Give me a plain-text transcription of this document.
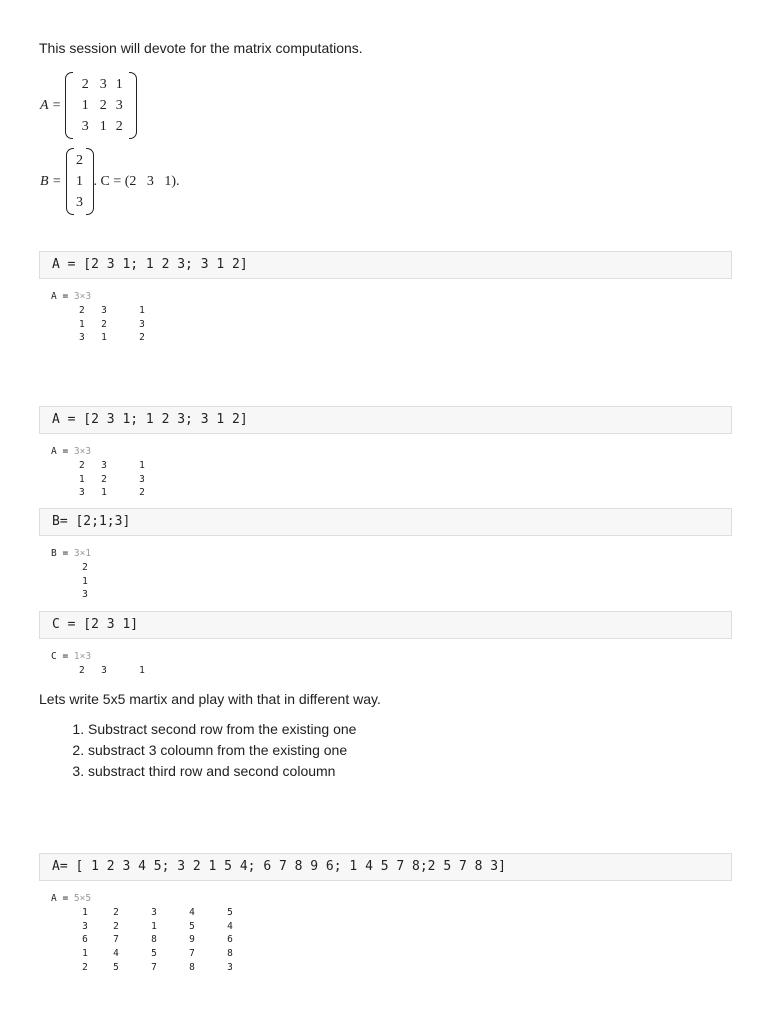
This session will devote for the matrix computations.
A =
2 3 1
1 2 3
3 1 2
B =
2
1
3
. C = (2   3   1).
A = [2 3 1; 1 2 3; 3 1 2]
A = 3×3
2	3	1
1	2	3
3	1	2
A = [2 3 1; 1 2 3; 3 1 2]
A = 3×3
2	3	1
1	2	3
3	1	2
B= [2;1;3]
B = 3×1
2
1
3
C = [2 3 1]
C = 1×3
2	3	1
Lets write 5x5 martix and play with that in different way.
1. Substract second row from the existing one
2. substract 3 coloumn from the existing one
3. substract third row and second coloumn
A= [ 1 2 3 4 5; 3 2 1 5 4; 6 7 8 9 6; 1 4 5 7 8;2 5 7 8 3]
A = 5×5
1	2	3	4	5
3	2	1	5	4
6	7	8	9	6
1	4	5	7	8
2	5	7	8	3
